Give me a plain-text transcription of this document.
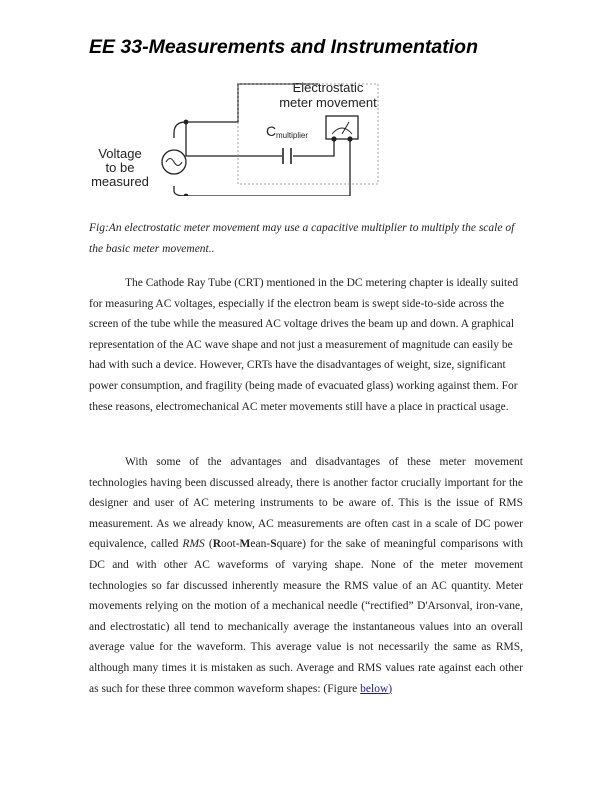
EE 33-Measurements and Instrumentation
Electrostatic
meter movement
C multiplier
Voltage
to be
measured
Fig:An electrostatic meter movement may use a capacitive multiplier to multiply the scale of the basic meter movement..

The Cathode Ray Tube (CRT) mentioned in the DC metering chapter is ideally suited for measuring AC voltages, especially if the electron beam is swept side-to-side across the screen of the tube while the measured AC voltage drives the beam up and down. A graphical representation of the AC wave shape and not just a measurement of magnitude can easily be had with such a device. However, CRTs have the disadvantages of weight, size, significant power consumption, and fragility (being made of evacuated glass) working against them. For these reasons, electromechanical AC meter movements still have a place in practical usage.

With some of the advantages and disadvantages of these meter movement technologies having been discussed already, there is another factor crucially important for the designer and user of AC metering instruments to be aware of. This is the issue of RMS measurement. As we already know, AC measurements are often cast in a scale of DC power equivalence, called RMS (Root-Mean-Square) for the sake of meaningful comparisons with DC and with other AC waveforms of varying shape. None of the meter movement technologies so far discussed inherently measure the RMS value of an AC quantity. Meter movements relying on the motion of a mechanical needle (“rectified” D'Arsonval, iron-vane, and electrostatic) all tend to mechanically average the instantaneous values into an overall average value for the waveform. This average value is not necessarily the same as RMS, although many times it is mistaken as such. Average and RMS values rate against each other as such for these three common waveform shapes: (Figure below)
